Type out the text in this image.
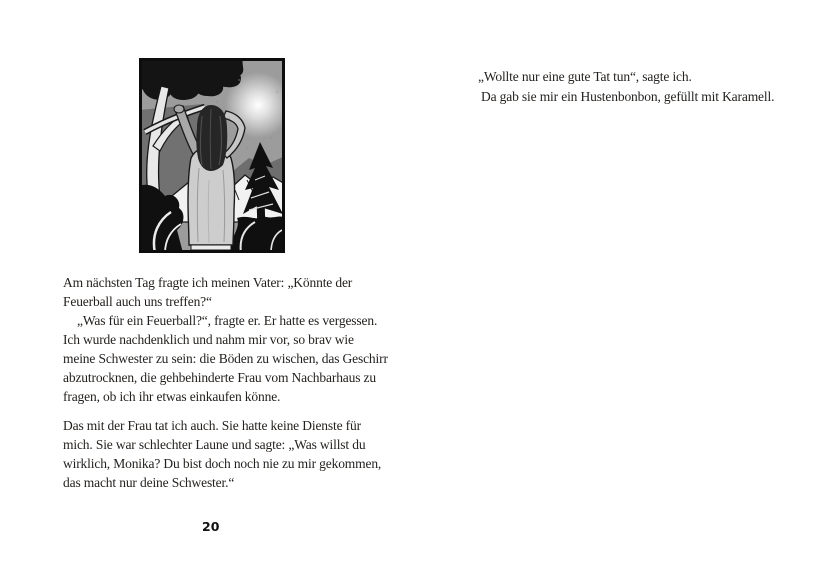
Am nächsten Tag fragte ich meinen Vater: „Könnte der
Feuerball auch uns treffen?“
„Was für ein Feuerball?“, fragte er. Er hatte es vergessen.
Ich wurde nachdenklich und nahm mir vor, so brav wie
meine Schwester zu sein: die Böden zu wischen, das Geschirr
abzutrocknen, die gehbehinderte Frau vom Nachbarhaus zu
fragen, ob ich ihr etwas einkaufen könne.
Das mit der Frau tat ich auch. Sie hatte keine Dienste für
mich. Sie war schlechter Laune und sagte: „Was willst du
wirklich, Monika? Du bist doch noch nie zu mir gekommen,
das macht nur deine Schwester.“
20
„Wollte nur eine gute Tat tun“, sagte ich.
Da gab sie mir ein Hustenbonbon, gefüllt mit Karamell.
